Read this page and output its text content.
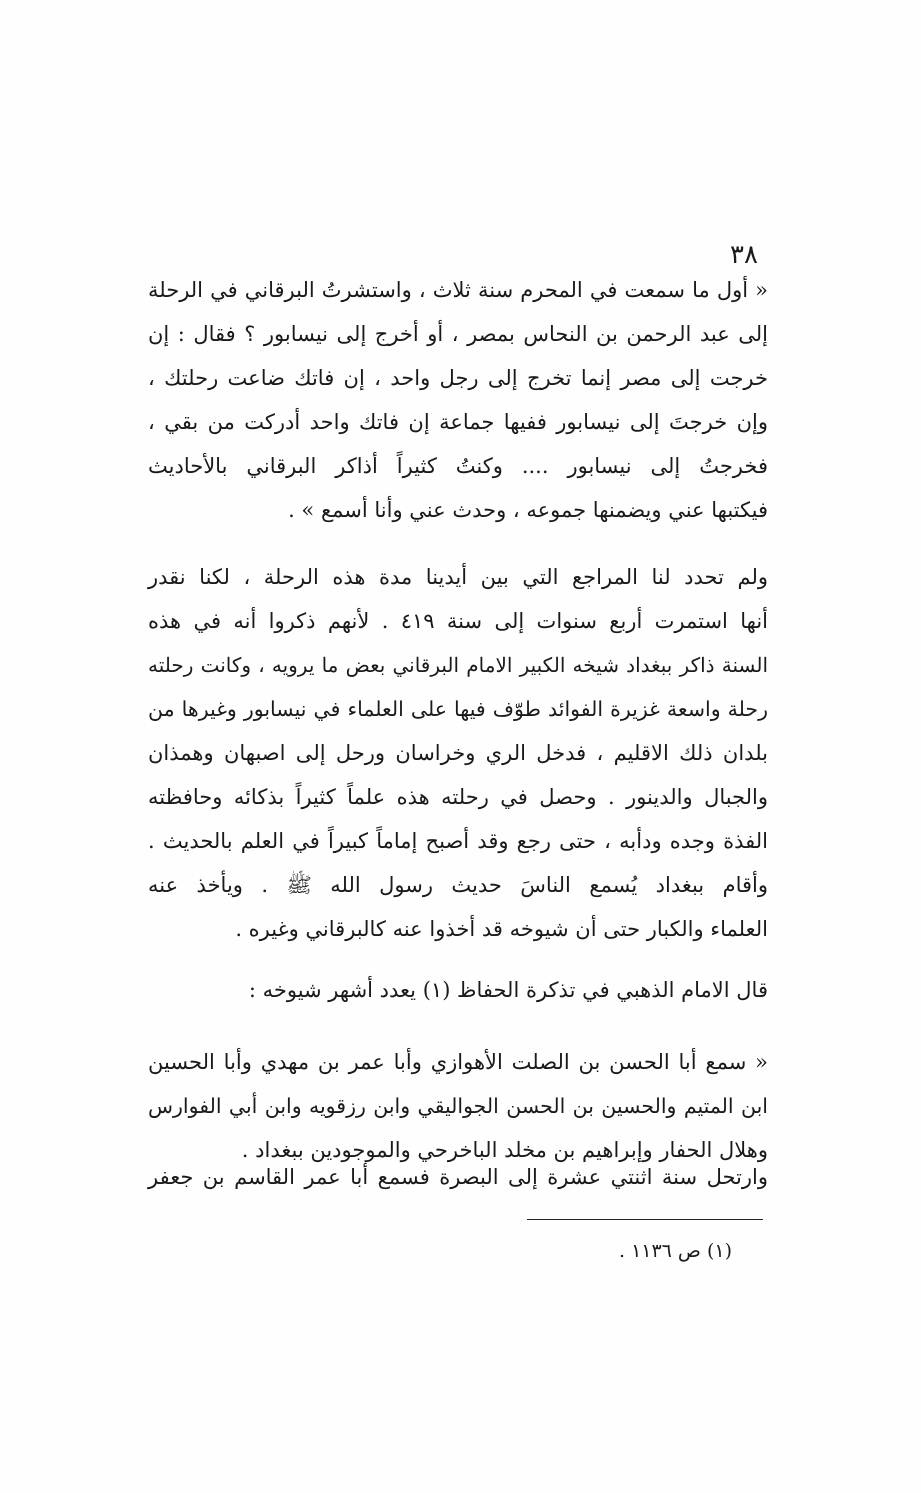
٣٨
« أول ما سمعت في المحرم سنة ثلاث ، واستشرتُ البرقاني في الرحلة
إلى عبد الرحمن بن النحاس بمصر ، أو أخرج إلى نيسابور ؟ فقال : إن
خرجت إلى مصر إنما تخرج إلى رجل واحد ، إن فاتك ضاعت رحلتك ،
وإن خرجتَ إلى نيسابور ففيها جماعة إن فاتك واحد أدركت من بقي ،
فخرجتُ إلى نيسابور .... وكنتُ كثيراً أذاكر البرقاني بالأحاديث
فيكتبها عني ويضمنها جموعه ، وحدث عني وأنا أسمع » .
ولم تحدد لنا المراجع التي بين أيدينا مدة هذه الرحلة ، لكنا نقدر
أنها استمرت أربع سنوات إلى سنة ٤١٩ . لأنهم ذكروا أنه في هذه
السنة ذاكر ببغداد شيخه الكبير الامام البرقاني بعض ما يرويه ، وكانت رحلته
رحلة واسعة غزيرة الفوائد طوّف فيها على العلماء في نيسابور وغيرها من
بلدان ذلك الاقليم ، فدخل الري وخراسان ورحل إلى اصبهان وهمذان
والجبال والدينور . وحصل في رحلته هذه علماً كثيراً بذكائه وحافظته
الفذة وجده ودأبه ، حتى رجع وقد أصبح إماماً كبيراً في العلم بالحديث .
وأقام ببغداد يُسمع الناسَ حديث رسول الله ﷺ . ويأخذ عنه
العلماء والكبار حتى أن شيوخه قد أخذوا عنه كالبرقاني وغيره .
قال الامام الذهبي في تذكرة الحفاظ (١) يعدد أشهر شيوخه :
« سمع أبا الحسن بن الصلت الأهوازي وأبا عمر بن مهدي وأبا الحسين
ابن المتيم والحسين بن الحسن الجواليقي وابن رزقويه وابن أبي الفوارس
وهلال الحفار وإبراهيم بن مخلد الباخرحي والموجودين ببغداد .
وارتحل سنة اثنتي عشرة إلى البصرة فسمع أبا عمر القاسم بن جعفر
(١) ص ١١٣٦ .
